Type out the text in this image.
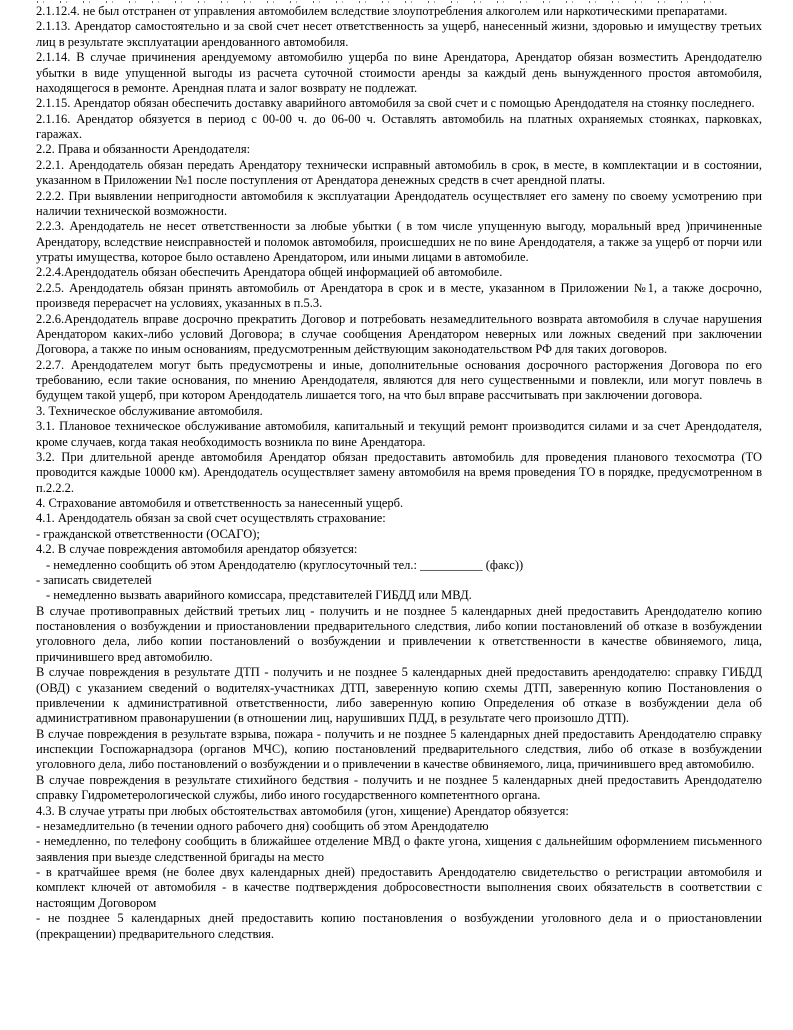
2.1.12.4. не был отстранен от управления автомобилем вследствие злоупотребления алкоголем или наркотическими препаратами.

2.1.13. Арендатор самостоятельно и за свой счет несет ответственность за ущерб, нанесенный жизни, здоровью и имуществу третьих лиц в результате эксплуатации арендованного автомобиля.

2.1.14. В случае причинения арендуемому автомобилю ущерба по вине Арендатора, Арендатор обязан возместить Арендодателю убытки в виде упущенной выгоды из расчета суточной стоимости аренды за каждый день вынужденного простоя автомобиля, находящегося в ремонте. Арендная плата и залог возврату не подлежат.

2.1.15. Арендатор обязан обеспечить доставку аварийного автомобиля за свой счет и с помощью Арендодателя на стоянку последнего.

2.1.16. Арендатор обязуется в период с 00-00 ч. до 06-00 ч. Оставлять автомобиль на платных охраняемых стоянках, парковках, гаражах.

2.2. Права и обязанности Арендодателя:

2.2.1. Арендодатель обязан передать Арендатору технически исправный автомобиль в срок, в месте, в комплектации и в состоянии, указанном в Приложении №1 после поступления от Арендатора денежных средств в счет арендной платы.

2.2.2. При выявлении непригодности автомобиля к эксплуатации Арендодатель осуществляет его замену по своему усмотрению при наличии технической возможности.

2.2.3. Арендодатель не несет ответственности за любые убытки ( в том числе упущенную выгоду, моральный вред )причиненные Арендатору, вследствие неисправностей и поломок автомобиля, происшедших не по вине Арендодателя, а также за ущерб от порчи или утраты имущества, которое было оставлено Арендатором, или иными лицами в автомобиле.

2.2.4.Арендодатель обязан обеспечить Арендатора общей информацией об автомобиле.

2.2.5. Арендодатель обязан принять автомобиль от Арендатора в срок и в месте, указанном в Приложении №1, а также досрочно, произведя перерасчет на условиях, указанных в п.5.3.

2.2.6.Арендодатель вправе досрочно прекратить Договор и потребовать незамедлительного возврата автомобиля в случае нарушения Арендатором каких-либо условий Договора; в случае сообщения Арендатором неверных или ложных сведений при заключении Договора, а также по иным основаниям, предусмотренным действующим законодательством РФ для таких договоров.

2.2.7. Арендодателем могут быть предусмотрены и иные, дополнительные основания досрочного расторжения Договора по его требованию, если такие основания, по мнению Арендодателя, являются для него существенными и повлекли, или могут повлечь в будущем такой ущерб, при котором Арендодатель лишается того, на что был вправе рассчитывать при заключении договора.

3. Техническое обслуживание автомобиля.

3.1. Плановое техническое обслуживание автомобиля, капитальный и текущий ремонт производится силами и за счет Арендодателя, кроме случаев, когда такая необходимость возникла по вине Арендатора.

3.2. При длительной аренде автомобиля Арендатор обязан предоставить автомобиль для проведения планового техосмотра (ТО проводится каждые 10000 км). Арендодатель осуществляет замену автомобиля на время проведения ТО в порядке, предусмотренном в п.2.2.2.

4. Страхование автомобиля и ответственность за нанесенный ущерб.

4.1. Арендодатель обязан за свой счет осуществлять страхование:

- гражданской ответственности (ОСАГО);

4.2. В случае повреждения автомобиля арендатор обязуется:

- немедленно сообщить об этом Арендодателю (круглосуточный тел.: __________ (факс))

- записать свидетелей

- немедленно вызвать аварийного комиссара, представителей ГИБДД или МВД.

В случае противоправных действий третьих лиц - получить и не позднее 5 календарных дней предоставить Арендодателю копию постановления о возбуждении и приостановлении предварительного следствия, либо копии постановлений об отказе в возбуждении уголовного дела, либо копии постановлений о возбуждении и привлечении к ответственности в качестве обвиняемого, лица, причинившего вред автомобилю.

В случае повреждения в результате ДТП - получить и не позднее 5 календарных дней предоставить арендодателю: справку ГИБДД (ОВД) с указанием сведений о водителях-участниках ДТП, заверенную копию схемы ДТП, заверенную копию Постановления о привлечении к административной ответственности, либо заверенную копию Определения об отказе в возбуждении дела об административном правонарушении (в отношении лиц, нарушивших ПДД, в результате чего произошло ДТП).

В случае повреждения в результате взрыва, пожара - получить и не позднее 5 календарных дней предоставить Арендодателю справку инспекции Госпожарнадзора (органов МЧС), копию постановлений предварительного следствия, либо об отказе в возбуждении уголовного дела, либо постановлений о возбуждении и о привлечении в качестве обвиняемого, лица, причинившего вред автомобилю.

В случае повреждения в результате стихийного бедствия - получить и не позднее 5 календарных дней предоставить Арендодателю справку Гидрометерологической службы, либо иного государственного компетентного органа.

4.3. В случае утраты при любых обстоятельствах автомобиля (угон, хищение) Арендатор обязуется:

- незамедлительно (в течении одного рабочего дня) сообщить об этом Арендодателю

- немедленно, по телефону сообщить в ближайшее отделение МВД о факте угона, хищения с дальнейшим оформлением письменного заявления при выезде следственной бригады на место

- в кратчайшее время (не более двух календарных дней) предоставить Арендодателю свидетельство о регистрации автомобиля и комплект ключей от автомобиля - в качестве подтверждения добросовестности выполнения своих обязательств в соответствии с настоящим Договором

- не позднее 5 календарных дней предоставить копию постановления о возбуждении уголовного дела и о приостановлении (прекращении) предварительного следствия.
